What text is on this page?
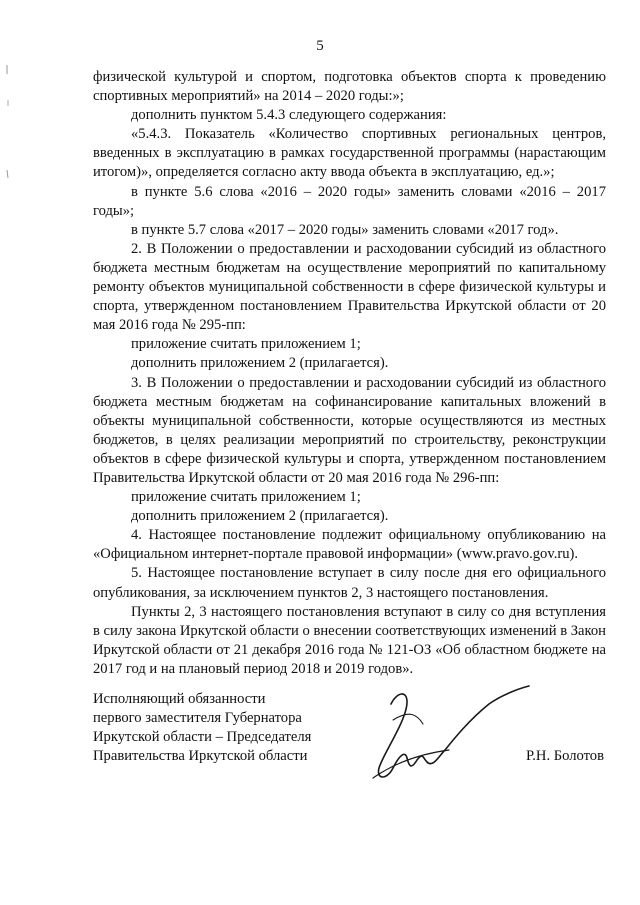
5

физической культурой и спортом, подготовка объектов спорта к проведению спортивных мероприятий» на 2014 – 2020 годы:»;

дополнить пунктом 5.4.3 следующего содержания:

«5.4.3. Показатель «Количество спортивных региональных центров, введенных в эксплуатацию в рамках государственной программы (нарастающим итогом)», определяется согласно акту ввода объекта в эксплуатацию, ед.»;

в пункте 5.6 слова «2016 – 2020 годы» заменить словами «2016 – 2017 годы»;

в пункте 5.7 слова «2017 – 2020 годы» заменить словами «2017 год».

2. В Положении о предоставлении и расходовании субсидий из областного бюджета местным бюджетам на осуществление мероприятий по капитальному ремонту объектов муниципальной собственности в сфере физической культуры и спорта, утвержденном постановлением Правительства Иркутской области от 20 мая 2016 года № 295-пп:

приложение считать приложением 1;

дополнить приложением 2 (прилагается).

3. В Положении о предоставлении и расходовании субсидий из областного бюджета местным бюджетам на софинансирование капитальных вложений в объекты муниципальной собственности, которые осуществляются из местных бюджетов, в целях реализации мероприятий по строительству, реконструкции объектов в сфере физической культуры и спорта, утвержденном постановлением Правительства Иркутской области от 20 мая 2016 года № 296-пп:

приложение считать приложением 1;

дополнить приложением 2 (прилагается).

4. Настоящее постановление подлежит официальному опубликованию на «Официальном интернет-портале правовой информации» (www.pravo.gov.ru).

5. Настоящее постановление вступает в силу после дня его официального опубликования, за исключением пунктов 2, 3 настоящего постановления.

Пункты 2, 3 настоящего постановления вступают в силу со дня вступления в силу закона Иркутской области о внесении соответствующих изменений в Закон Иркутской области от 21 декабря 2016 года № 121-ОЗ «Об областном бюджете на 2017 год и на плановый период 2018 и 2019 годов».

Исполняющий обязанности

первого заместителя Губернатора

Иркутской области – Председателя

Правительства Иркутской области	Р.Н. Болотов
